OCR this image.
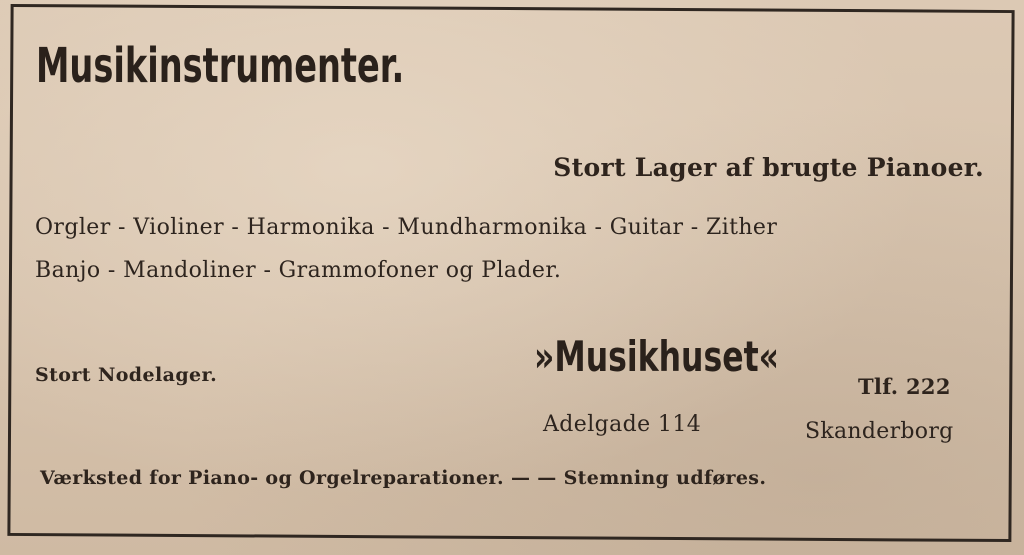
Musikinstrumenter.
Stort Lager af brugte Pianoer.
Orgler - Violiner - Harmonika - Mundharmonika - Guitar - Zither
Banjo - Mandoliner - Grammofoner og Plader.
Stort Nodelager.	»Musikhuset«
Tlf. 222
Adelgade 114	Skanderborg
Værksted for Piano- og Orgelreparationer. — — Stemning udføres.
